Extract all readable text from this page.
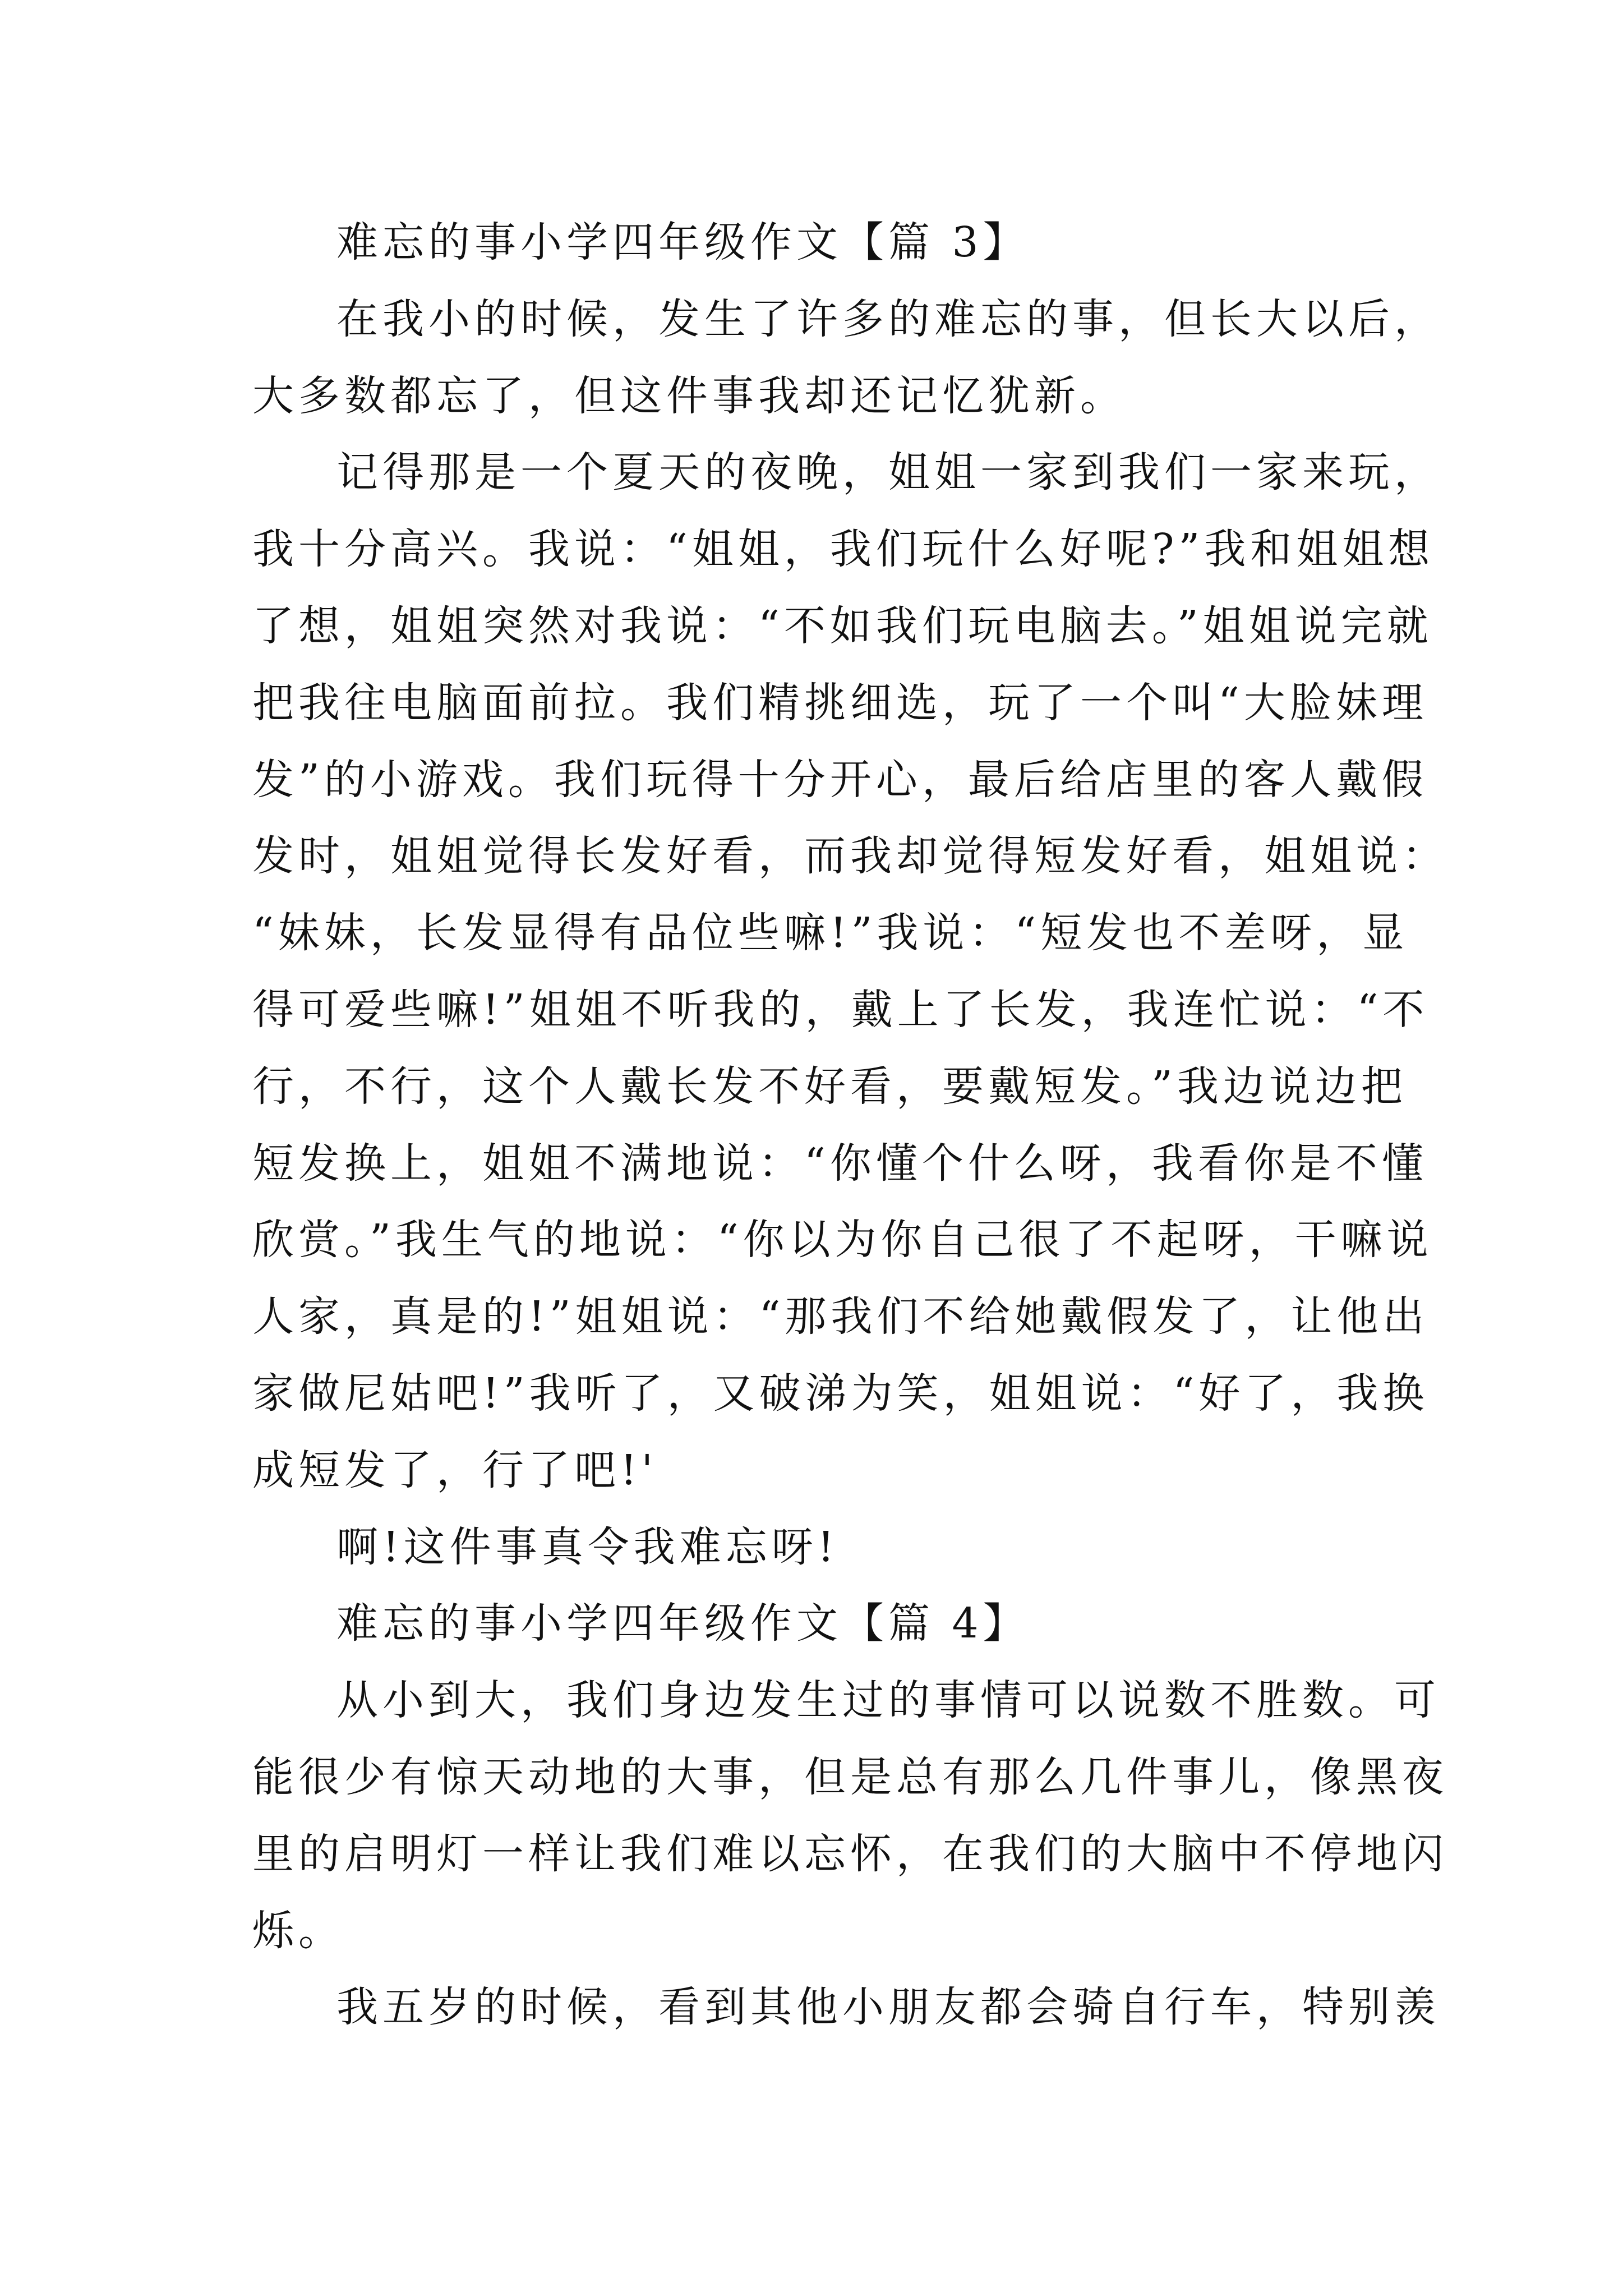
难忘的事小学四年级作文【篇 3】
在我小的时候，发生了许多的难忘的事，但长大以后，
大多数都忘了，但这件事我却还记忆犹新。
记得那是一个夏天的夜晚，姐姐一家到我们一家来玩，
我十分高兴。我说：“姐姐，我们玩什么好呢?”我和姐姐想
了想，姐姐突然对我说：“不如我们玩电脑去。”姐姐说完就
把我往电脑面前拉。我们精挑细选，玩了一个叫“大脸妹理
发”的小游戏。我们玩得十分开心，最后给店里的客人戴假
发时，姐姐觉得长发好看，而我却觉得短发好看，姐姐说：
“妹妹，长发显得有品位些嘛!”我说：“短发也不差呀，显
得可爱些嘛!”姐姐不听我的，戴上了长发，我连忙说：“不
行，不行，这个人戴长发不好看，要戴短发。”我边说边把
短发换上，姐姐不满地说：“你懂个什么呀，我看你是不懂
欣赏。”我生气的地说：“你以为你自己很了不起呀，干嘛说
人家，真是的!”姐姐说：“那我们不给她戴假发了，让他出
家做尼姑吧!”我听了，又破涕为笑，姐姐说：“好了，我换
成短发了，行了吧!'
啊!这件事真令我难忘呀!
难忘的事小学四年级作文【篇 4】
从小到大，我们身边发生过的事情可以说数不胜数。可
能很少有惊天动地的大事，但是总有那么几件事儿，像黑夜
里的启明灯一样让我们难以忘怀，在我们的大脑中不停地闪
烁。
我五岁的时候，看到其他小朋友都会骑自行车，特别羡
